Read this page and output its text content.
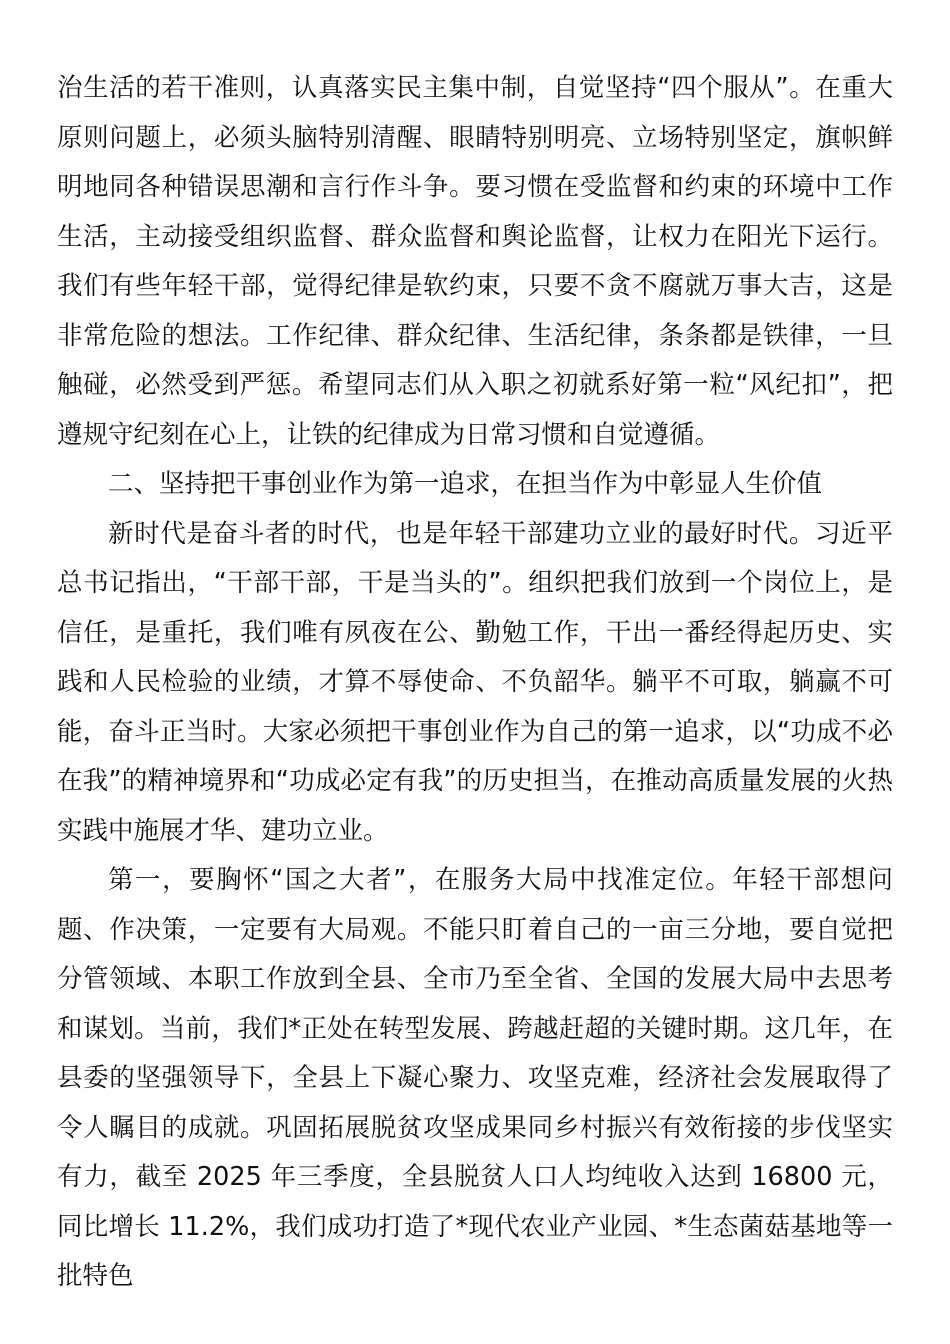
治生活的若干准则，认真落实民主集中制，自觉坚持“四个服从”。在重大原则问题上，必须头脑特别清醒、眼睛特别明亮、立场特别坚定，旗帜鲜明地同各种错误思潮和言行作斗争。要习惯在受监督和约束的环境中工作生活，主动接受组织监督、群众监督和舆论监督，让权力在阳光下运行。我们有些年轻干部，觉得纪律是软约束，只要不贪不腐就万事大吉，这是非常危险的想法。工作纪律、群众纪律、生活纪律，条条都是铁律，一旦触碰，必然受到严惩。希望同志们从入职之初就系好第一粒“风纪扣”，把遵规守纪刻在心上，让铁的纪律成为日常习惯和自觉遵循。

二、坚持把干事创业作为第一追求，在担当作为中彰显人生价值

新时代是奋斗者的时代，也是年轻干部建功立业的最好时代。习近平总书记指出，“干部干部，干是当头的”。组织把我们放到一个岗位上，是信任，是重托，我们唯有夙夜在公、勤勉工作，干出一番经得起历史、实践和人民检验的业绩，才算不辱使命、不负韶华。躺平不可取，躺赢不可能，奋斗正当时。大家必须把干事创业作为自己的第一追求，以“功成不必在我”的精神境界和“功成必定有我”的历史担当，在推动高质量发展的火热实践中施展才华、建功立业。

第一，要胸怀“国之大者”，在服务大局中找准定位。年轻干部想问题、作决策，一定要有大局观。不能只盯着自己的一亩三分地，要自觉把分管领域、本职工作放到全县、全市乃至全省、全国的发展大局中去思考和谋划。当前，我们*正处在转型发展、跨越赶超的关键时期。这几年，在县委的坚强领导下，全县上下凝心聚力、攻坚克难，经济社会发展取得了令人瞩目的成就。巩固拓展脱贫攻坚成果同乡村振兴有效衔接的步伐坚实有力，截至 2025 年三季度，全县脱贫人口人均纯收入达到 16800 元，同比增长 11.2%，我们成功打造了*现代农业产业园、*生态菌菇基地等一批特色
